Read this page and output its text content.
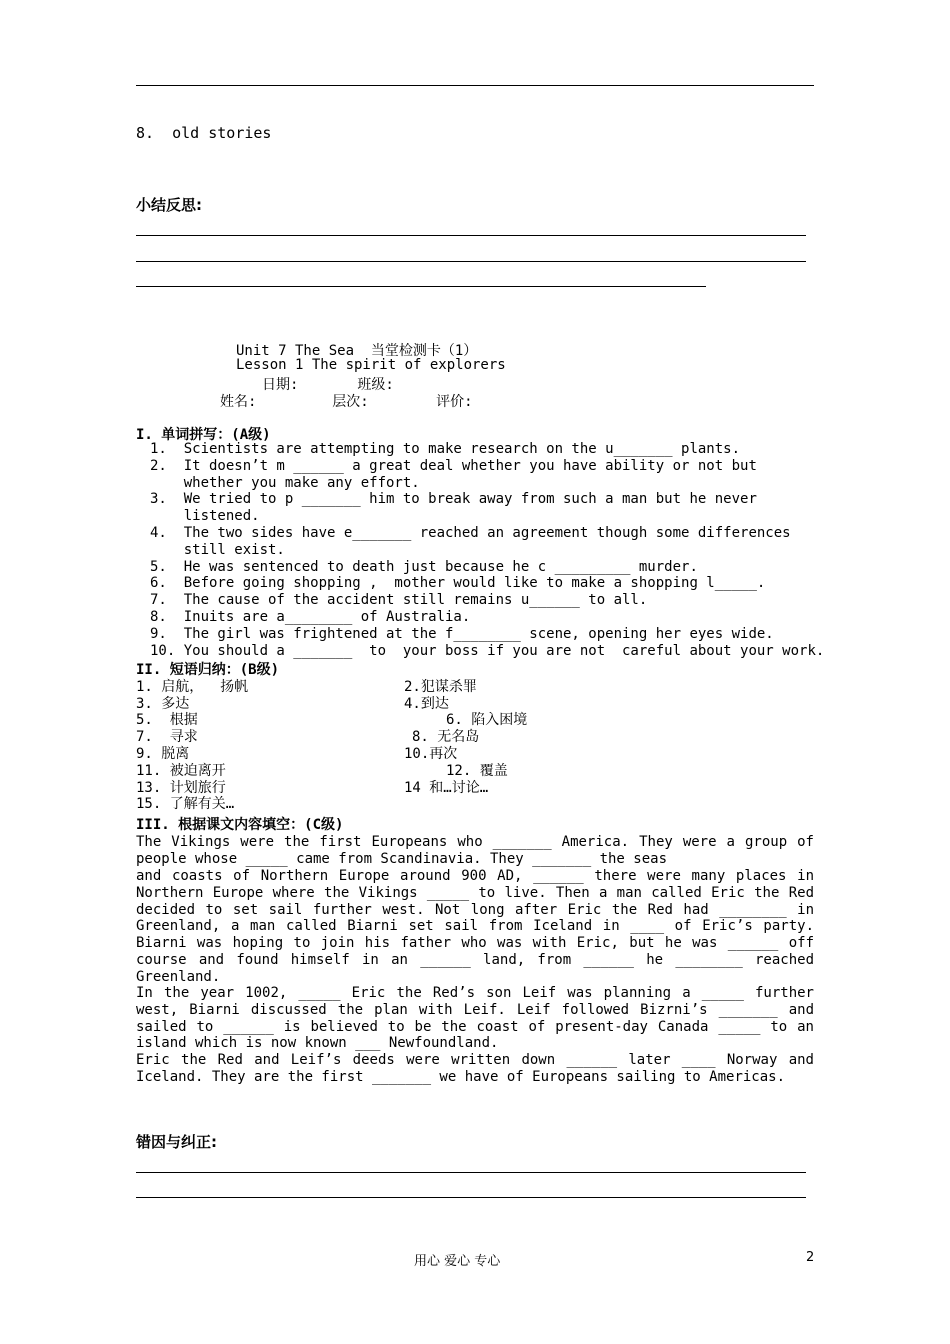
8.  old stories
小结反思:
Unit 7 The Sea  当堂检测卡（1）
Lesson 1 The spirit of explorers
日期:       班级:
姓名:         层次:        评价:
I. 单词拼写：(A级)
1.  Scientists are attempting to make research on the u_______ plants.
2.  It doesn’t m ______ a great deal whether you have ability or not but
whether you make any effort.
3.  We tried to p _______ him to break away from such a man but he never
listened.
4.  The two sides have e_______ reached an agreement though some differences
still exist.
5.  He was sentenced to death just because he c _________ murder.
6.  Before going shopping ,  mother would like to make a shopping l_____.
7.  The cause of the accident still remains u______ to all.
8.  Inuits are a________ of Australia.
9.  The girl was frightened at the f________ scene, opening her eyes wide.
10. You should a _______  to  your boss if you are not  careful about your work.
II. 短语归纳：(B级)
1. 启航，  扬帆	2.犯谋杀罪
3. 多达	4.到达
5.  根据	6. 陷入困境
7.  寻求	8. 无名岛
9. 脱离	10.再次
11. 被迫离开	12. 覆盖
13. 计划旅行	14 和…讨论…
15. 了解有关…
III. 根据课文内容填空：(C级)
The Vikings were the first Europeans who _______ America. They were a group of people whose _____ came from Scandinavia. They _______ the seas
and coasts of Northern Europe around 900 AD, ______ there were many places in Northern Europe where the Vikings _____ to live. Then a man called Eric the Red decided to set sail further west. Not long after Eric the Red had ________ in Greenland, a man called Biarni set sail from Iceland in ____ of Eric’s party. Biarni was hoping to join his father who was with Eric, but he was ______ off course and found himself in an ______ land, from ______ he ________ reached Greenland.
In the year 1002, _____ Eric the Red’s son Leif was planning a _____ further west, Biarni discussed the plan with Leif. Leif followed Bizrni’s _______ and sailed to ______ is believed to be the coast of present-day Canada _____ to an island which is now known ___ Newfoundland.
Eric the Red and Leif’s deeds were written down ______ later ____ Norway and Iceland. They are the first _______ we have of Europeans sailing to Americas.
错因与纠正:
用心 爱心 专心	2
